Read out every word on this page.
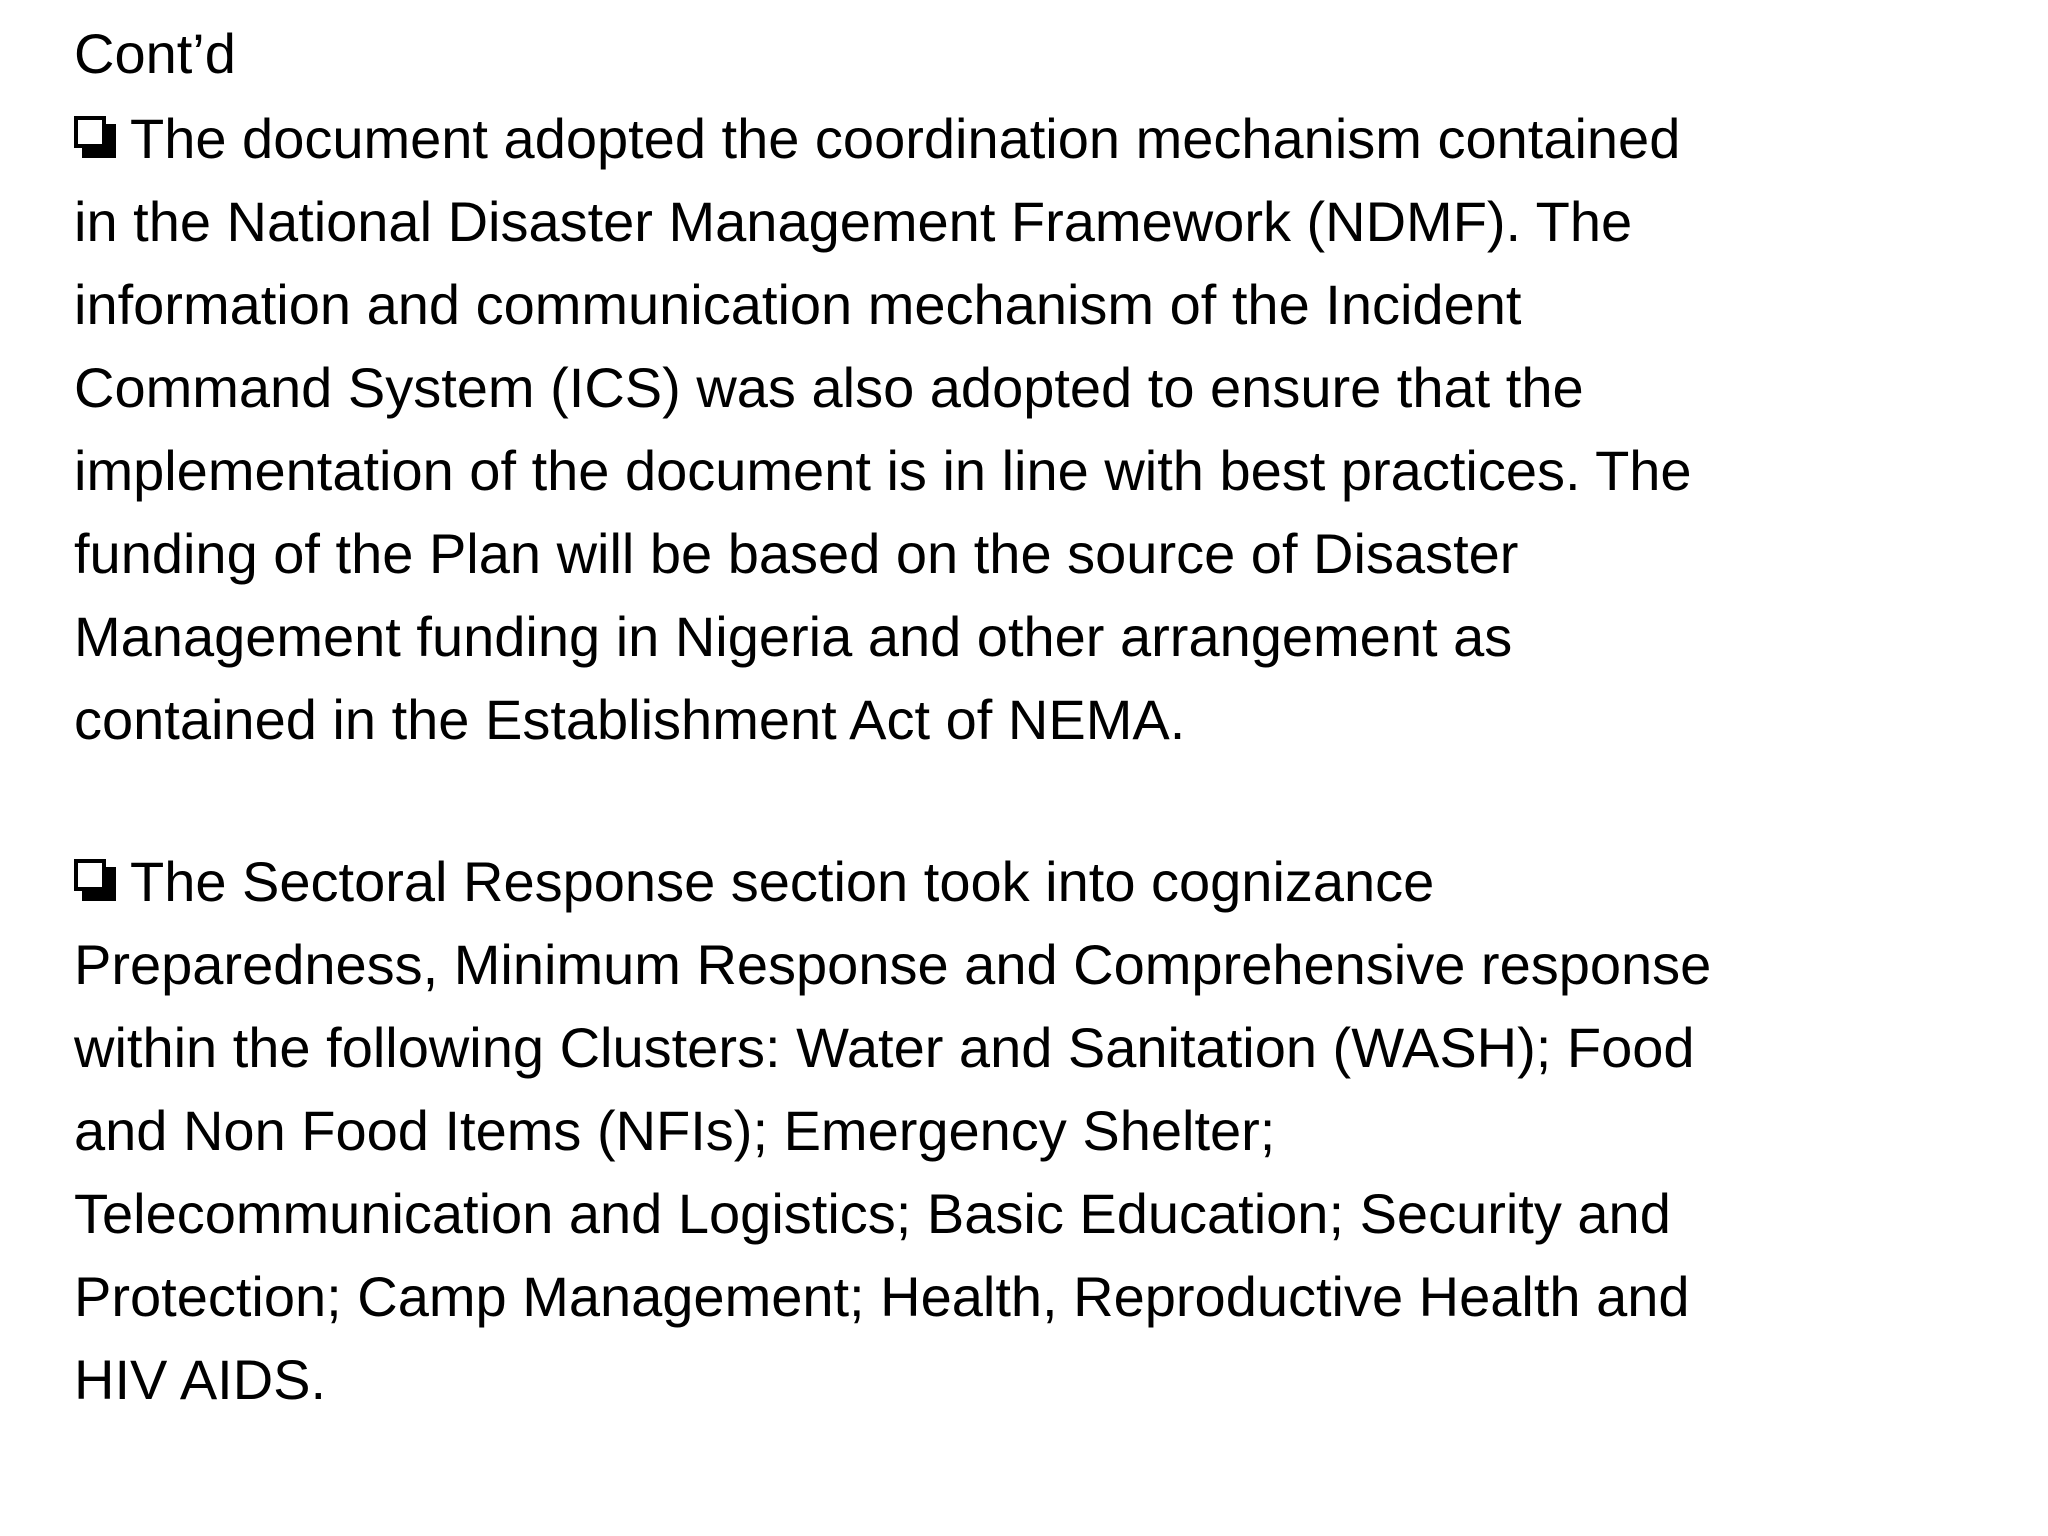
Cont’d
The document adopted the coordination mechanism contained
in the National Disaster Management Framework (NDMF). The
information and communication mechanism of the Incident
Command System (ICS) was also adopted to ensure that the
implementation of the document is in line with best practices. The
funding of the Plan will be based on the source of Disaster
Management funding in Nigeria and other arrangement as
contained in the Establishment Act of NEMA.
The Sectoral Response section took into cognizance
Preparedness, Minimum Response and Comprehensive response
within the following Clusters: Water and Sanitation (WASH); Food
and Non Food Items (NFIs); Emergency Shelter;
Telecommunication and Logistics; Basic Education; Security and
Protection; Camp Management; Health, Reproductive Health and
HIV AIDS.
